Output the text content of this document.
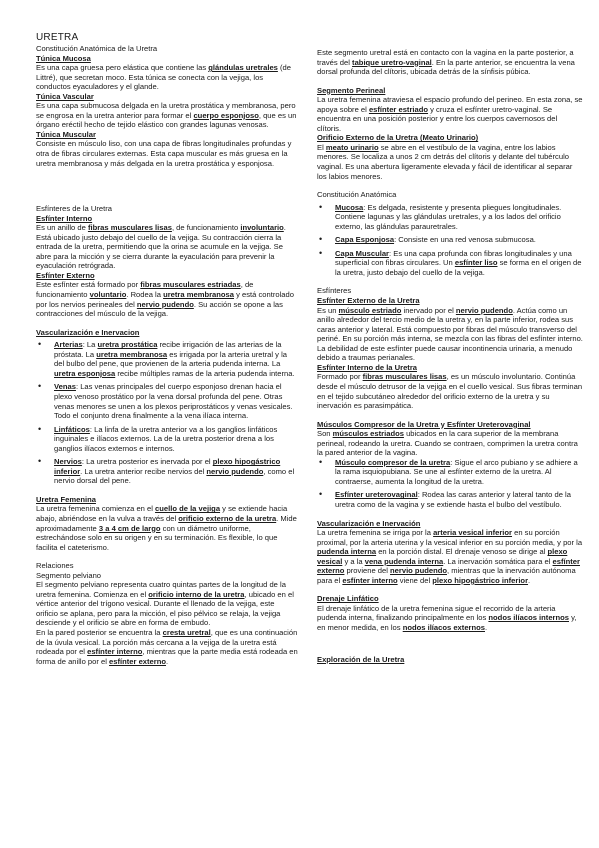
URETRA

Constitución Anatómica de la Uretra

Túnica Mucosa

Es una capa gruesa pero elástica que contiene las glándulas uretrales (de Littré), que secretan moco. Esta túnica se conecta con la vejiga, los conductos eyaculadores y el glande.

Túnica Vascular

Es una capa submucosa delgada en la uretra prostática y membranosa, pero se engrosa en la uretra anterior para formar el cuerpo esponjoso, que es un órgano eréctil hecho de tejido elástico con grandes lagunas venosas.

Túnica Muscular

Consiste en músculo liso, con una capa de fibras longitudinales profundas y otra de fibras circulares externas. Esta capa muscular es más gruesa en la uretra membranosa y más delgada en la uretra prostática y esponjosa.

Esfínteres de la Uretra

Esfínter Interno

Es un anillo de fibras musculares lisas, de funcionamiento involuntario. Está ubicado justo debajo del cuello de la vejiga. Su contracción cierra la entrada de la uretra, permitiendo que la orina se acumule en la vejiga. Se abre para la micción y se cierra durante la eyaculación para prevenir la eyaculación retrógrada.

Esfínter Externo

Este esfínter está formado por fibras musculares estriadas, de funcionamiento voluntario. Rodea la uretra membranosa y está controlado por los nervios perineales del nervio pudendo. Su acción se opone a las contracciones del músculo de la vejiga.

Vascularización e Inervacion

• Arterias: La uretra prostática recibe irrigación de las arterias de la próstata. La uretra membranosa es irrigada por la arteria uretral y la del bulbo del pene, que provienen de la arteria pudenda interna. La uretra esponjosa recibe múltiples ramas de la arteria pudenda interna.
• Venas: Las venas principales del cuerpo esponjoso drenan hacia el plexo venoso prostático por la vena dorsal profunda del pene. Otras venas menores se unen a los plexos periprostáticos y venas vesicales. Todo el conjunto drena finalmente a la vena ilíaca interna.
• Linfáticos: La linfa de la uretra anterior va a los ganglios linfáticos inguinales e ilíacos externos. La de la uretra posterior drena a los ganglios ilíacos externos e internos.
• Nervios: La uretra posterior es inervada por el plexo hipogástrico inferior. La uretra anterior recibe nervios del nervio pudendo, como el nervio dorsal del pene.

Uretra Femenina

La uretra femenina comienza en el cuello de la vejiga y se extiende hacia abajo, abriéndose en la vulva a través del orificio externo de la uretra. Mide aproximadamente 3 a 4 cm de largo con un diámetro uniforme, estrechándose solo en su origen y en su terminación. Es flexible, lo que facilita el cateterismo.

Relaciones

Segmento pelviano

El segmento pelviano representa cuatro quintas partes de la longitud de la uretra femenina. Comienza en el orificio interno de la uretra, ubicado en el vértice anterior del trígono vesical. Durante el llenado de la vejiga, este orificio se aplana, pero para la micción, el piso pélvico se relaja, la vejiga desciende y el orificio se abre en forma de embudo.

En la pared posterior se encuentra la cresta uretral, que es una continuación de la úvula vesical. La porción más cercana a la vejiga de la uretra está rodeada por el esfínter interno, mientras que la parte media está rodeada en forma de anillo por el esfínter externo.

Este segmento uretral está en contacto con la vagina en la parte posterior, a través del tabique uretro-vaginal. En la parte anterior, se encuentra la vena dorsal profunda del clítoris, ubicada detrás de la sínfisis púbica.

Segmento Perineal

La uretra femenina atraviesa el espacio profundo del perineo. En esta zona, se apoya sobre el esfínter estriado y cruza el esfínter uretro-vaginal. Se encuentra en una posición posterior y entre los cuerpos cavernosos del clítoris.

Orificio Externo de la Uretra (Meato Urinario)

El meato urinario se abre en el vestíbulo de la vagina, entre los labios menores. Se localiza a unos 2 cm detrás del clítoris y delante del tubérculo vaginal. Es una abertura ligeramente elevada y fácil de identificar al separar los labios menores.

Constitución Anatómica

• Mucosa: Es delgada, resistente y presenta pliegues longitudinales. Contiene lagunas y las glándulas uretrales, y a los lados del orificio externo, las glándulas parauretrales.
• Capa Esponjosa: Consiste en una red venosa submucosa.
• Capa Muscular: Es una capa profunda con fibras longitudinales y una superficial con fibras circulares. Un esfínter liso se forma en el origen de la uretra, justo debajo del cuello de la vejiga.

Esfínteres

Esfínter Externo de la Uretra

Es un músculo estriado inervado por el nervio pudendo. Actúa como un anillo alrededor del tercio medio de la uretra y, en la parte inferior, rodea sus caras anterior y lateral. Está compuesto por fibras del músculo transverso del periné. En su porción más interna, se mezcla con las fibras del esfínter interno. La debilidad de este esfínter puede causar incontinencia urinaria, a menudo debido a traumas perianales.

Esfínter Interno de la Uretra

Formado por fibras musculares lisas, es un músculo involuntario. Continúa desde el músculo detrusor de la vejiga en el cuello vesical. Sus fibras terminan en el tejido subcutáneo alrededor del orificio externo de la uretra y su inervación es parasimpática.

Músculos Compresor de la Uretra y Esfínter Ureterovaginal

Son músculos estriados ubicados en la cara superior de la membrana perineal, rodeando la uretra. Cuando se contraen, comprimen la uretra contra la pared anterior de la vagina.

• Músculo compresor de la uretra: Sigue el arco pubiano y se adhiere a la rama isquiopubiana. Se une al esfínter externo de la uretra. Al contraerse, aumenta la longitud de la uretra.
• Esfínter ureterovaginal: Rodea las caras anterior y lateral tanto de la uretra como de la vagina y se extiende hasta el bulbo del vestíbulo.

Vascularización e Inervación

La uretra femenina se irriga por la arteria vesical inferior en su porción proximal, por la arteria uterina y la vesical inferior en su porción media, y por la pudenda interna en la porción distal. El drenaje venoso se dirige al plexo vesical y a la vena pudenda interna. La inervación somática para el esfínter externo proviene del nervio pudendo, mientras que la inervación autónoma para el esfínter interno viene del plexo hipogástrico inferior.

Drenaje Linfático

El drenaje linfático de la uretra femenina sigue el recorrido de la arteria pudenda interna, finalizando principalmente en los nodos ilíacos internos y, en menor medida, en los nodos ilíacos externos.

Exploración de la Uretra
